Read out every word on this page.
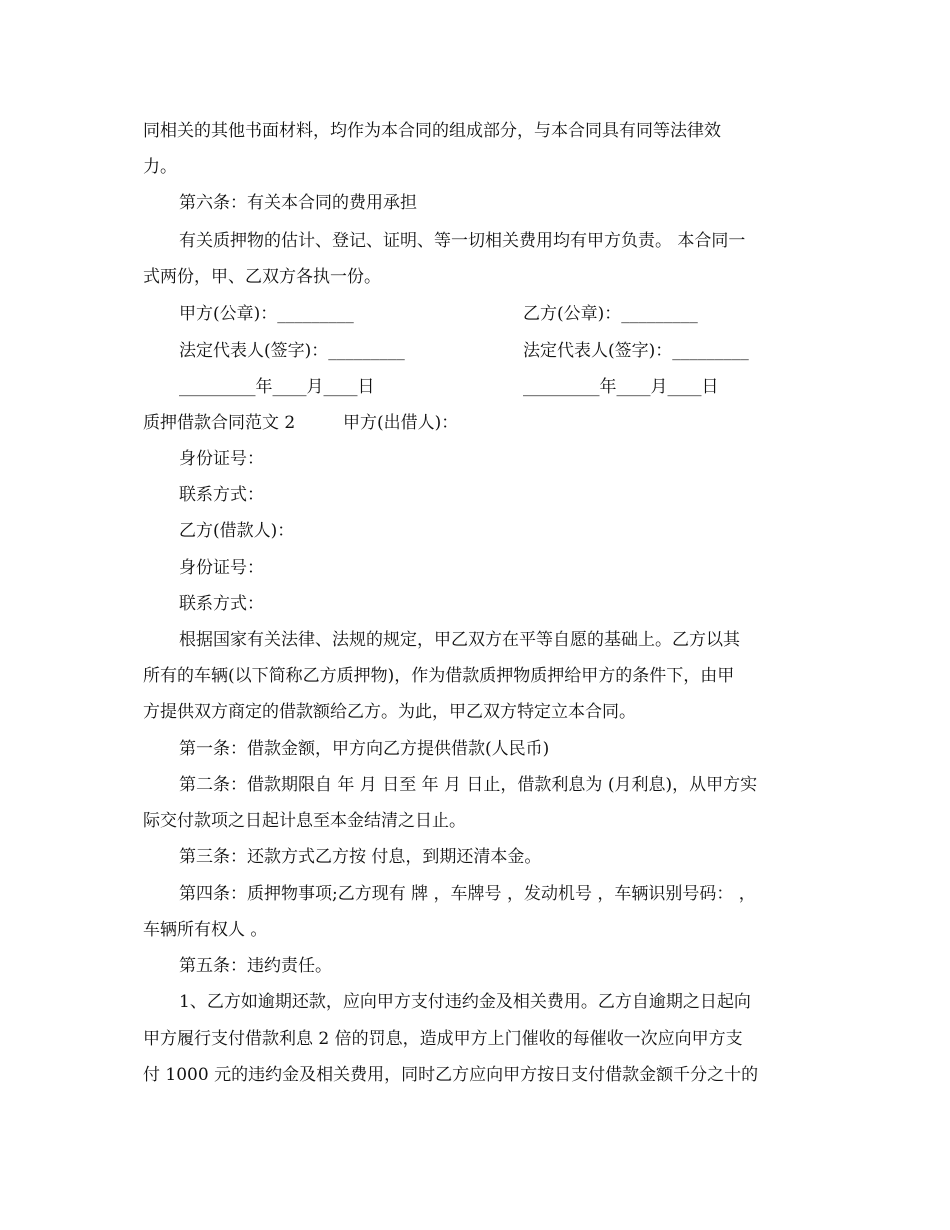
同相关的其他书面材料，均作为本合同的组成部分，与本合同具有同等法律效
力。
第六条：有关本合同的费用承担
有关质押物的估计、登记、证明、等一切相关费用均有甲方负责。 本合同一
式两份，甲、乙双方各执一份。
甲方(公章)：_________	乙方(公章)：_________
法定代表人(签字)：_________	法定代表人(签字)：_________
_________年____月____日	_________年____月____日
质押借款合同范文 2	甲方(出借人)：
身份证号：
联系方式：
乙方(借款人)：
身份证号：
联系方式：
根据国家有关法律、法规的规定，甲乙双方在平等自愿的基础上。乙方以其
所有的车辆(以下简称乙方质押物)，作为借款质押物质押给甲方的条件下，由甲
方提供双方商定的借款额给乙方。为此，甲乙双方特定立本合同。
第一条：借款金额，甲方向乙方提供借款(人民币)
第二条：借款期限自 年 月 日至 年 月 日止，借款利息为 (月利息)，从甲方实
际交付款项之日起计息至本金结清之日止。
第三条：还款方式乙方按 付息，到期还清本金。
第四条：质押物事项;乙方现有 牌 ，车牌号 ，发动机号 ，车辆识别号码： ，
车辆所有权人 。
第五条：违约责任。
1、乙方如逾期还款，应向甲方支付违约金及相关费用。乙方自逾期之日起向
甲方履行支付借款利息 2 倍的罚息，造成甲方上门催收的每催收一次应向甲方支
付 1000 元的违约金及相关费用，同时乙方应向甲方按日支付借款金额千分之十的
